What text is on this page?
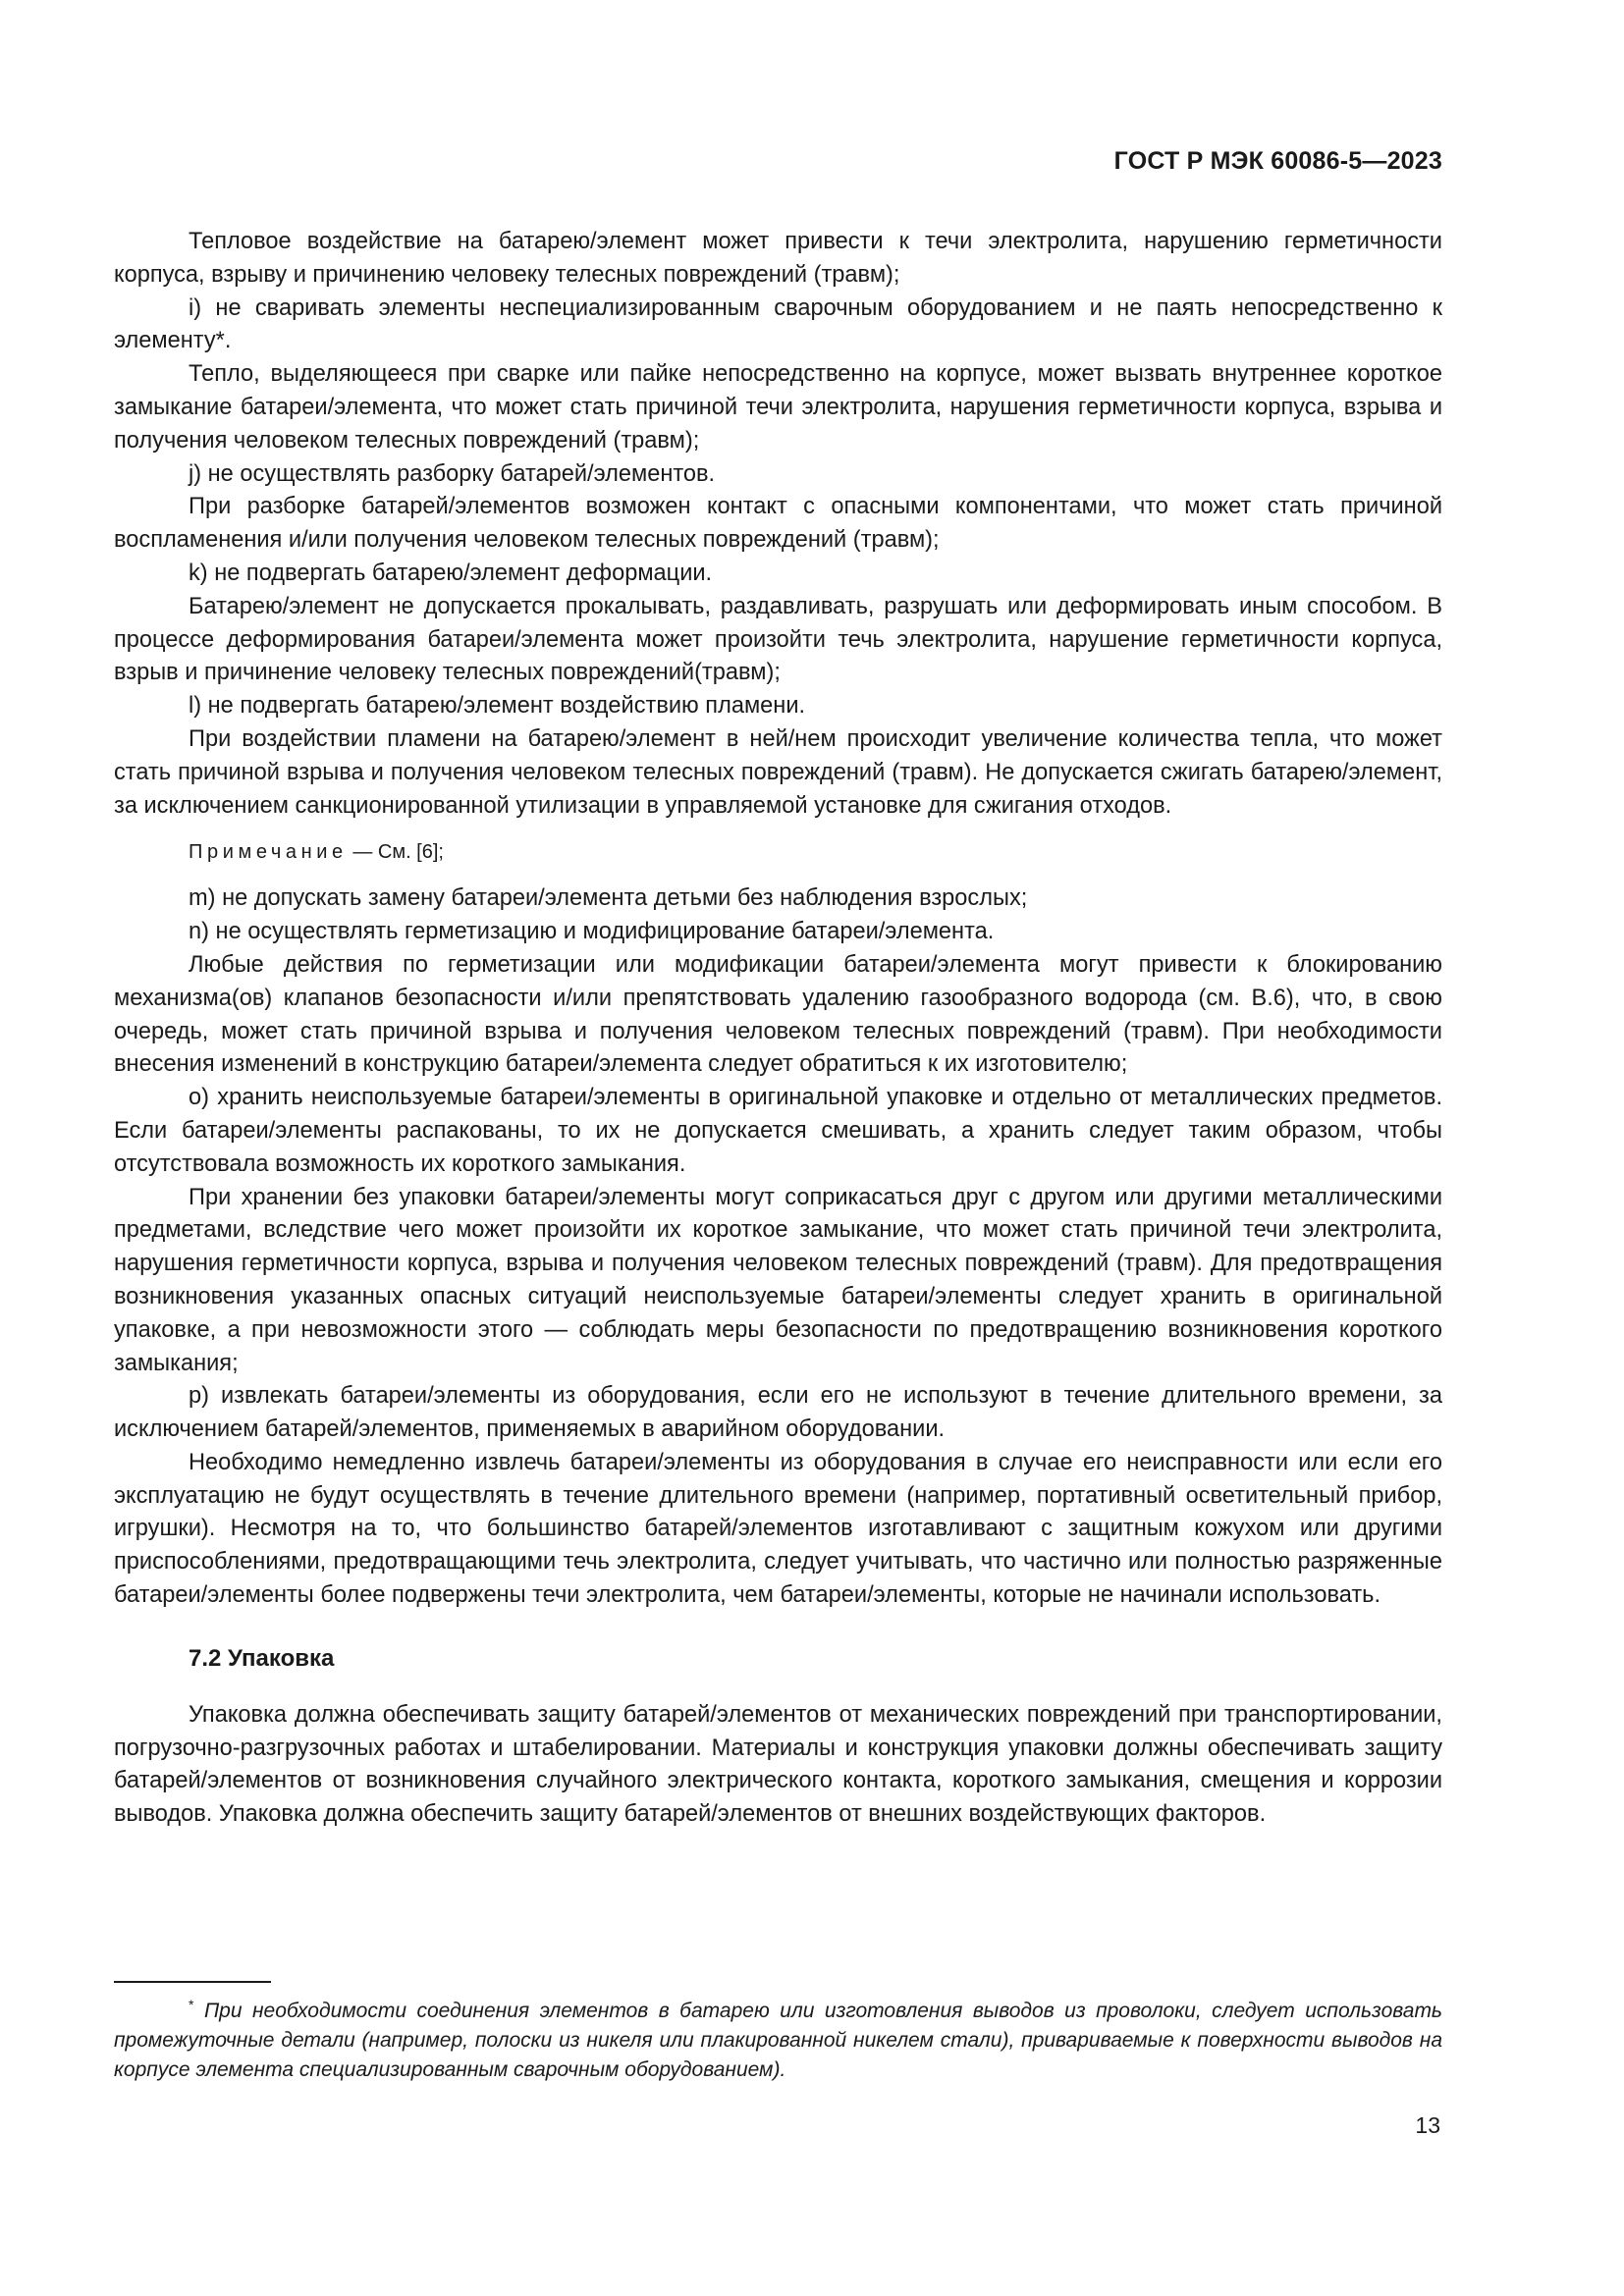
ГОСТ Р МЭК 60086-5—2023

Тепловое воздействие на батарею/элемент может привести к течи электролита, нарушению герметичности корпуса, взрыву и причинению человеку телесных повреждений (травм);

i) не сваривать элементы неспециализированным сварочным оборудованием и не паять непосредственно к элементу*.

Тепло, выделяющееся при сварке или пайке непосредственно на корпусе, может вызвать внутреннее короткое замыкание батареи/элемента, что может стать причиной течи электролита, нарушения герметичности корпуса, взрыва и получения человеком телесных повреждений (травм);

j) не осуществлять разборку батарей/элементов.

При разборке батарей/элементов возможен контакт с опасными компонентами, что может стать причиной воспламенения и/или получения человеком телесных повреждений (травм);

k) не подвергать батарею/элемент деформации.

Батарею/элемент не допускается прокалывать, раздавливать, разрушать или деформировать иным способом. В процессе деформирования батареи/элемента может произойти течь электролита, нарушение герметичности корпуса, взрыв и причинение человеку телесных повреждений(травм);

l) не подвергать батарею/элемент воздействию пламени.

При воздействии пламени на батарею/элемент в ней/нем происходит увеличение количества тепла, что может стать причиной взрыва и получения человеком телесных повреждений (травм). Не допускается сжигать батарею/элемент, за исключением санкционированной утилизации в управляемой установке для сжигания отходов.

Примечание — См. [6];

m) не допускать замену батареи/элемента детьми без наблюдения взрослых;

n) не осуществлять герметизацию и модифицирование батареи/элемента.

Любые действия по герметизации или модификации батареи/элемента могут привести к блокированию механизма(ов) клапанов безопасности и/или препятствовать удалению газообразного водорода (см. В.6), что, в свою очередь, может стать причиной взрыва и получения человеком телесных повреждений (травм). При необходимости внесения изменений в конструкцию батареи/элемента следует обратиться к их изготовителю;

o) хранить неиспользуемые батареи/элементы в оригинальной упаковке и отдельно от металлических предметов. Если батареи/элементы распакованы, то их не допускается смешивать, а хранить следует таким образом, чтобы отсутствовала возможность их короткого замыкания.

При хранении без упаковки батареи/элементы могут соприкасаться друг с другом или другими металлическими предметами, вследствие чего может произойти их короткое замыкание, что может стать причиной течи электролита, нарушения герметичности корпуса, взрыва и получения человеком телесных повреждений (травм). Для предотвращения возникновения указанных опасных ситуаций неиспользуемые батареи/элементы следует хранить в оригинальной упаковке, а при невозможности этого — соблюдать меры безопасности по предотвращению возникновения короткого замыкания;

p) извлекать батареи/элементы из оборудования, если его не используют в течение длительного времени, за исключением батарей/элементов, применяемых в аварийном оборудовании.

Необходимо немедленно извлечь батареи/элементы из оборудования в случае его неисправности или если его эксплуатацию не будут осуществлять в течение длительного времени (например, портативный осветительный прибор, игрушки). Несмотря на то, что большинство батарей/элементов изготавливают с защитным кожухом или другими приспособлениями, предотвращающими течь электролита, следует учитывать, что частично или полностью разряженные батареи/элементы более подвержены течи электролита, чем батареи/элементы, которые не начинали использовать.

7.2 Упаковка

Упаковка должна обеспечивать защиту батарей/элементов от механических повреждений при транспортировании, погрузочно-разгрузочных работах и штабелировании. Материалы и конструкция упаковки должны обеспечивать защиту батарей/элементов от возникновения случайного электрического контакта, короткого замыкания, смещения и коррозии выводов. Упаковка должна обеспечить защиту батарей/элементов от внешних воздействующих факторов.

* При необходимости соединения элементов в батарею или изготовления выводов из проволоки, следует использовать промежуточные детали (например, полоски из никеля или плакированной никелем стали), привариваемые к поверхности выводов на корпусе элемента специализированным сварочным оборудованием).

13
